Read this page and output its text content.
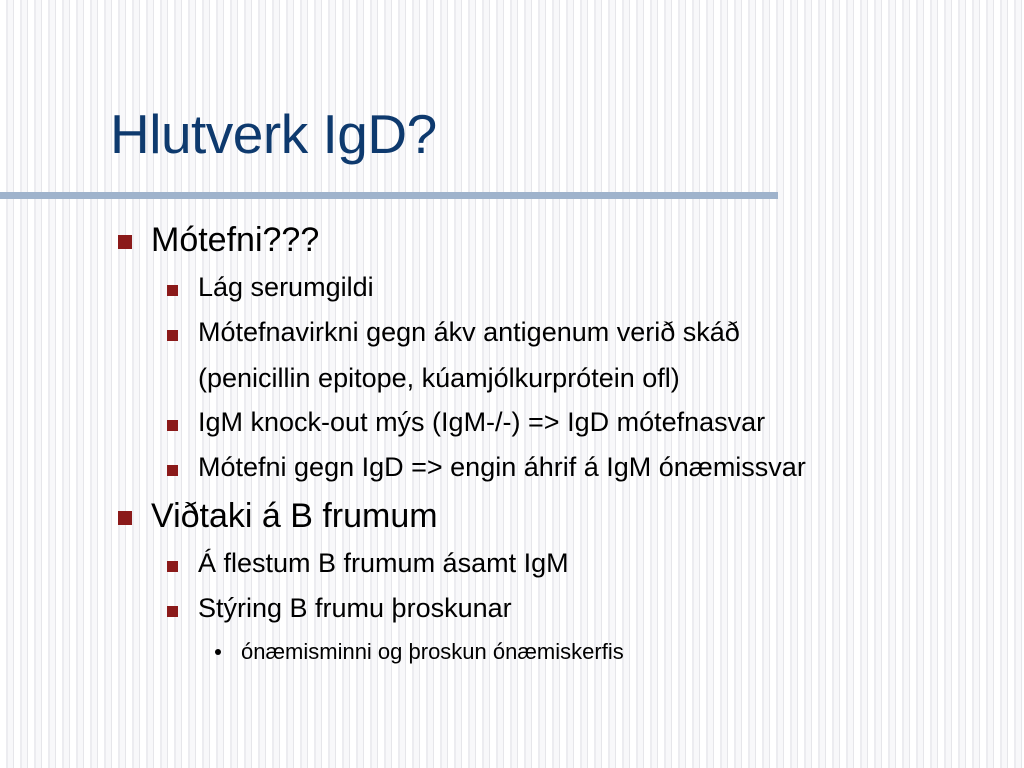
Hlutverk IgD?
Mótefni???
Lág serumgildi
Mótefnavirkni gegn ákv antigenum verið skáð
(penicillin epitope, kúamjólkurprótein ofl)
IgM knock-out mýs (IgM-/-) => IgD mótefnasvar
Mótefni gegn IgD => engin áhrif á IgM ónæmissvar
Viðtaki á B frumum
Á flestum B frumum ásamt IgM
Stýring B frumu þroskunar
ónæmisminni og þroskun ónæmiskerfis
